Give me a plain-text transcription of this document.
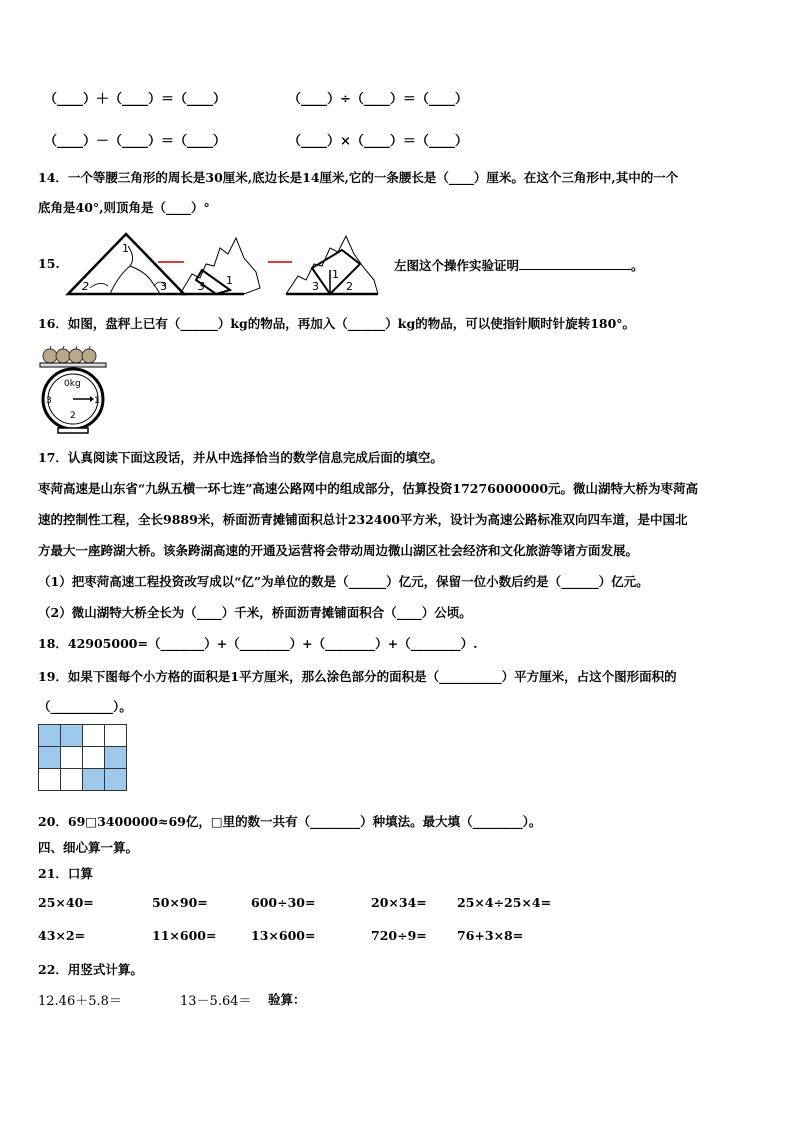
（____）＋（____）＝（____）	（____）÷（____）＝（____）
（____）－（____）＝（____）	（____）×（____）＝（____）
14．一个等腰三角形的周长是30厘米,底边长是14厘米,它的一条腰长是（____）厘米。在这个三角形中,其中的一个
底角是40°,则顶角是（____）°
15.
1
2	3	3 1	3
1
2
左图这个操作实验证明	。
16．如图，盘秤上已有（______）kg的物品，再加入（______）kg的物品，可以使指针顺时针旋转180°。
0kg
3	1
2
17．认真阅读下面这段话，并从中选择恰当的数学信息完成后面的填空。
枣菏高速是山东省“九纵五横一环七连”高速公路网中的组成部分，估算投资17276000000元。微山湖特大桥为枣菏高
速的控制性工程，全长9889米，桥面沥青摊铺面积总计232400平方米，设计为高速公路标准双向四车道，是中国北
方最大一座跨湖大桥。该条跨湖高速的开通及运营将会带动周边微山湖区社会经济和文化旅游等诸方面发展。
（1）把枣菏高速工程投资改写成以“亿”为单位的数是（______）亿元，保留一位小数后约是（______）亿元。
（2）微山湖特大桥全长为（____）千米，桥面沥青摊铺面积合（____）公顷。
18．42905000=（_______）+（________）+（________）+（________）.
19．如果下图每个小方格的面积是1平方厘米，那么涂色部分的面积是（__________）平方厘米，占这个图形面积的
（__________）。

20．69□3400000≈69亿，□里的数一共有（________）种填法。最大填（________）。
四、细心算一算。
21．口算
25×40=	50×90=	600÷30=	20×34= 25×4÷25×4=
43×2=	11×600=	13×600=	720÷9= 76+3×8=
22．用竖式计算。
12.46＋5.8＝	13－5.64＝ 验算：
